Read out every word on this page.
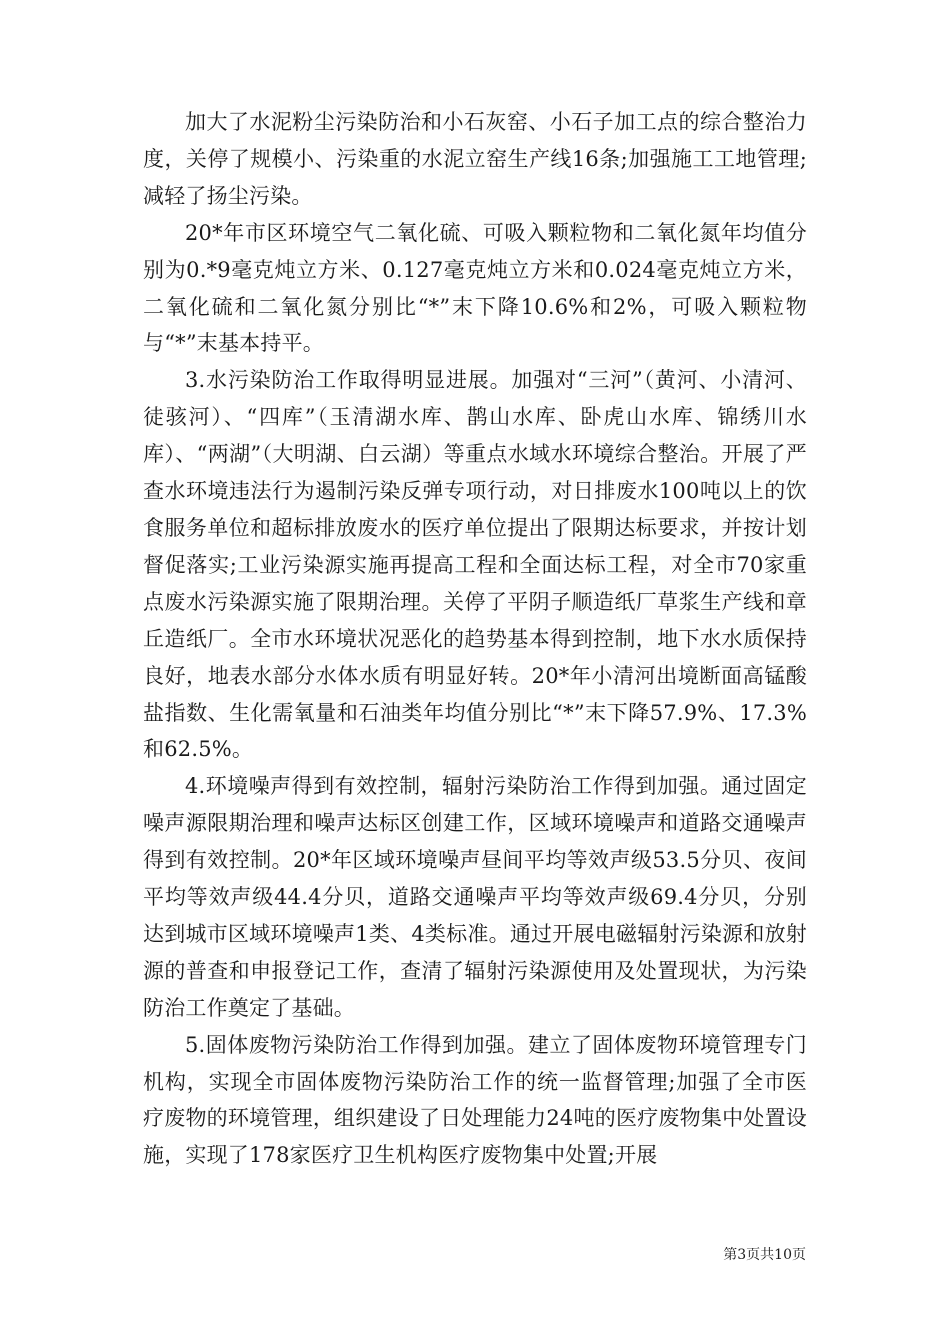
加大了水泥粉尘污染防治和小石灰窑、小石子加工点的综合整治力度，关停了规模小、污染重的水泥立窑生产线16条;加强施工工地管理;减轻了扬尘污染。

20*年市区环境空气二氧化硫、可吸入颗粒物和二氧化氮年均值分别为0.*9毫克炖立方米、0.127毫克炖立方米和0.024毫克炖立方米，二氧化硫和二氧化氮分别比“*”末下降10.6%和2%，可吸入颗粒物与“*”末基本持平。

3.水污染防治工作取得明显进展。加强对“三河”（黄河、小清河、徒骇河）、“四库”（玉清湖水库、鹊山水库、卧虎山水库、锦绣川水库）、“两湖”（大明湖、白云湖）等重点水域水环境综合整治。开展了严查水环境违法行为遏制污染反弹专项行动，对日排废水100吨以上的饮食服务单位和超标排放废水的医疗单位提出了限期达标要求，并按计划督促落实;工业污染源实施再提高工程和全面达标工程，对全市70家重点废水污染源实施了限期治理。关停了平阴子顺造纸厂草浆生产线和章丘造纸厂。全市水环境状况恶化的趋势基本得到控制，地下水水质保持良好，地表水部分水体水质有明显好转。20*年小清河出境断面高锰酸盐指数、生化需氧量和石油类年均值分别比“*”末下降57.9%、17.3%和62.5%。

4.环境噪声得到有效控制，辐射污染防治工作得到加强。通过固定噪声源限期治理和噪声达标区创建工作，区域环境噪声和道路交通噪声得到有效控制。20*年区域环境噪声昼间平均等效声级53.5分贝、夜间平均等效声级44.4分贝，道路交通噪声平均等效声级69.4分贝，分别达到城市区域环境噪声1类、4类标准。通过开展电磁辐射污染源和放射源的普查和申报登记工作，查清了辐射污染源使用及处置现状，为污染防治工作奠定了基础。

5.固体废物污染防治工作得到加强。建立了固体废物环境管理专门机构，实现全市固体废物污染防治工作的统一监督管理;加强了全市医疗废物的环境管理，组织建设了日处理能力24吨的医疗废物集中处置设施，实现了178家医疗卫生机构医疗废物集中处置;开展

第3页共10页
